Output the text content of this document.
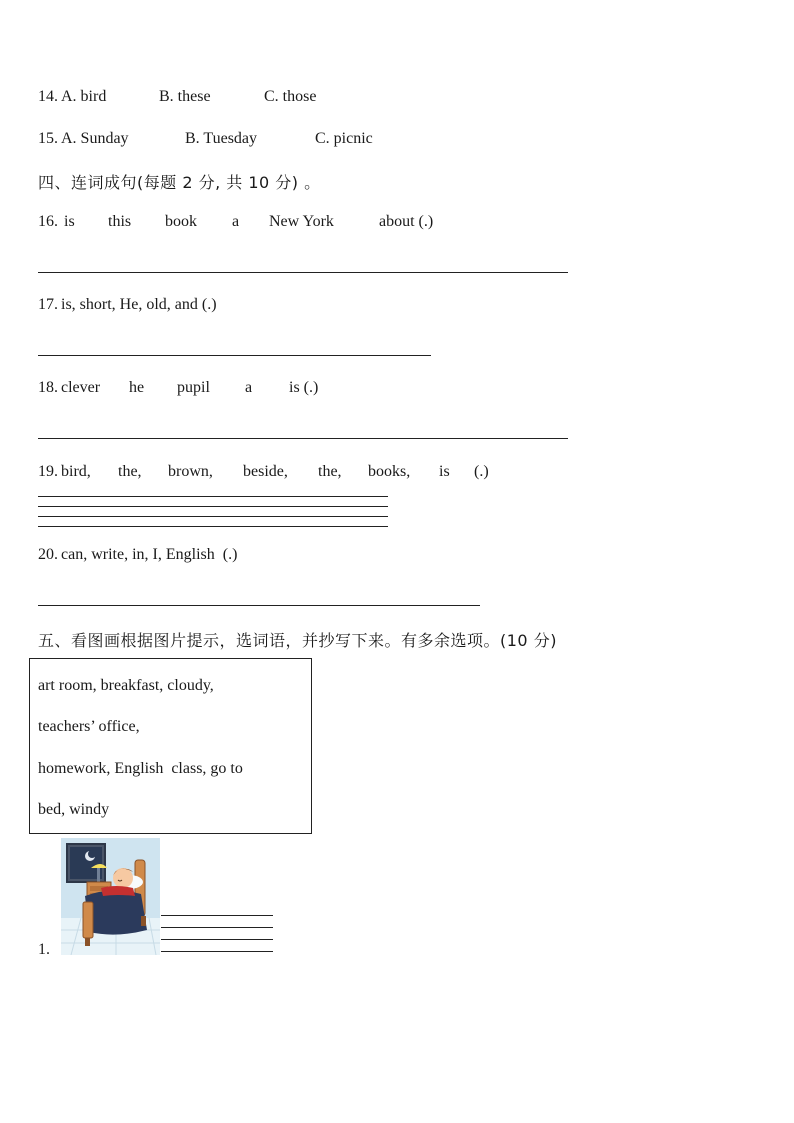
14. A. bird	B. these	C. those
15. A. Sunday	B. Tuesday	C. picnic
四、连词成句(每题 2 分, 共 10 分) 。
16. is this book a New York	about (.)
17. is, short, He, old, and (.)
18. clever he pupil a is (.)
19. bird, the, brown, beside, the, books, is (.)
20. can, write, in, I, English  (.)
五、看图画根据图片提示，选词语，并抄写下来。有多余选项。(10 分)
art room, breakfast, cloudy,
teachers’ office,
homework, English  class, go to
bed, windy
1.
